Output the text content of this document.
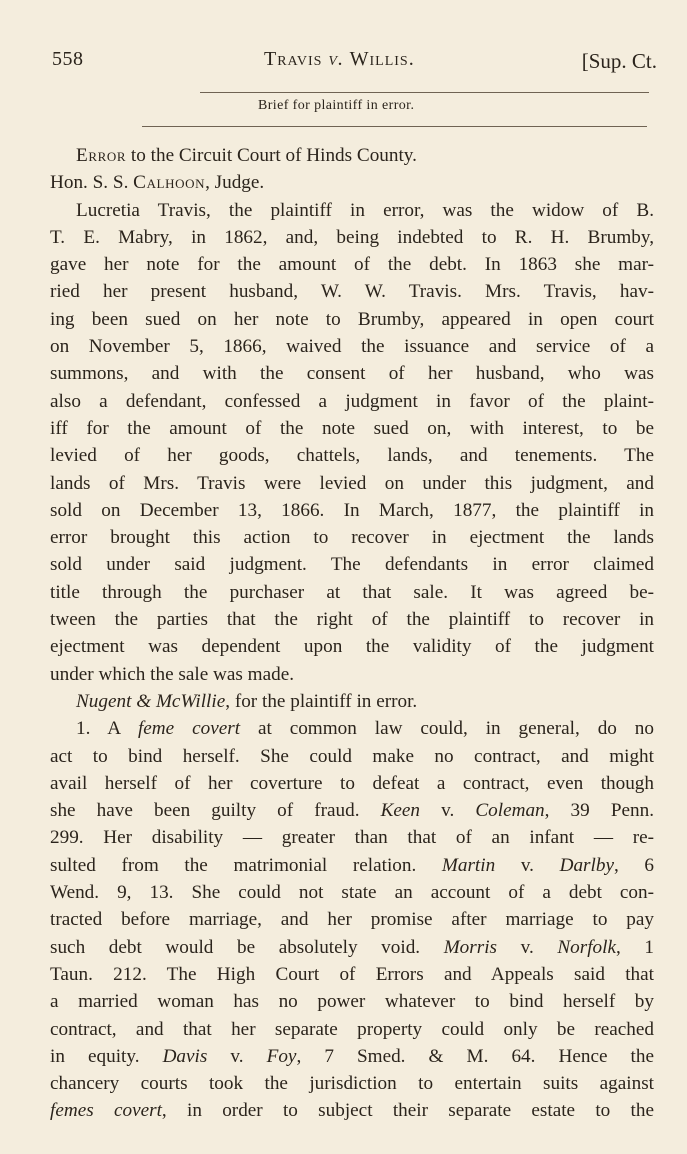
558	Travis v. Willis.	[Sup. Ct.
Brief for plaintiff in error.
Error to the Circuit Court of Hinds County.
Hon. S. S. Calhoon, Judge.
Lucretia Travis, the plaintiff in error, was the widow of B.
T. E. Mabry, in 1862, and, being indebted to R. H. Brumby,
gave her note for the amount of the debt. In 1863 she mar-
ried her present husband, W. W. Travis. Mrs. Travis, hav-
ing been sued on her note to Brumby, appeared in open court
on November 5, 1866, waived the issuance and service of a
summons, and with the consent of her husband, who was
also a defendant, confessed a judgment in favor of the plaint-
iff for the amount of the note sued on, with interest, to be
levied of her goods, chattels, lands, and tenements. The
lands of Mrs. Travis were levied on under this judgment, and
sold on December 13, 1866. In March, 1877, the plaintiff in
error brought this action to recover in ejectment the lands
sold under said judgment. The defendants in error claimed
title through the purchaser at that sale. It was agreed be-
tween the parties that the right of the plaintiff to recover in
ejectment was dependent upon the validity of the judgment
under which the sale was made.
Nugent & McWillie, for the plaintiff in error.
1. A feme covert at common law could, in general, do no
act to bind herself. She could make no contract, and might
avail herself of her coverture to defeat a contract, even though
she have been guilty of fraud. Keen v. Coleman, 39 Penn.
299. Her disability — greater than that of an infant — re-
sulted from the matrimonial relation. Martin v. Darlby, 6
Wend. 9, 13. She could not state an account of a debt con-
tracted before marriage, and her promise after marriage to pay
such debt would be absolutely void. Morris v. Norfolk, 1
Taun. 212. The High Court of Errors and Appeals said that
a married woman has no power whatever to bind herself by
contract, and that her separate property could only be reached
in equity. Davis v. Foy, 7 Smed. & M. 64. Hence the
chancery courts took the jurisdiction to entertain suits against
femes covert, in order to subject their separate estate to the
